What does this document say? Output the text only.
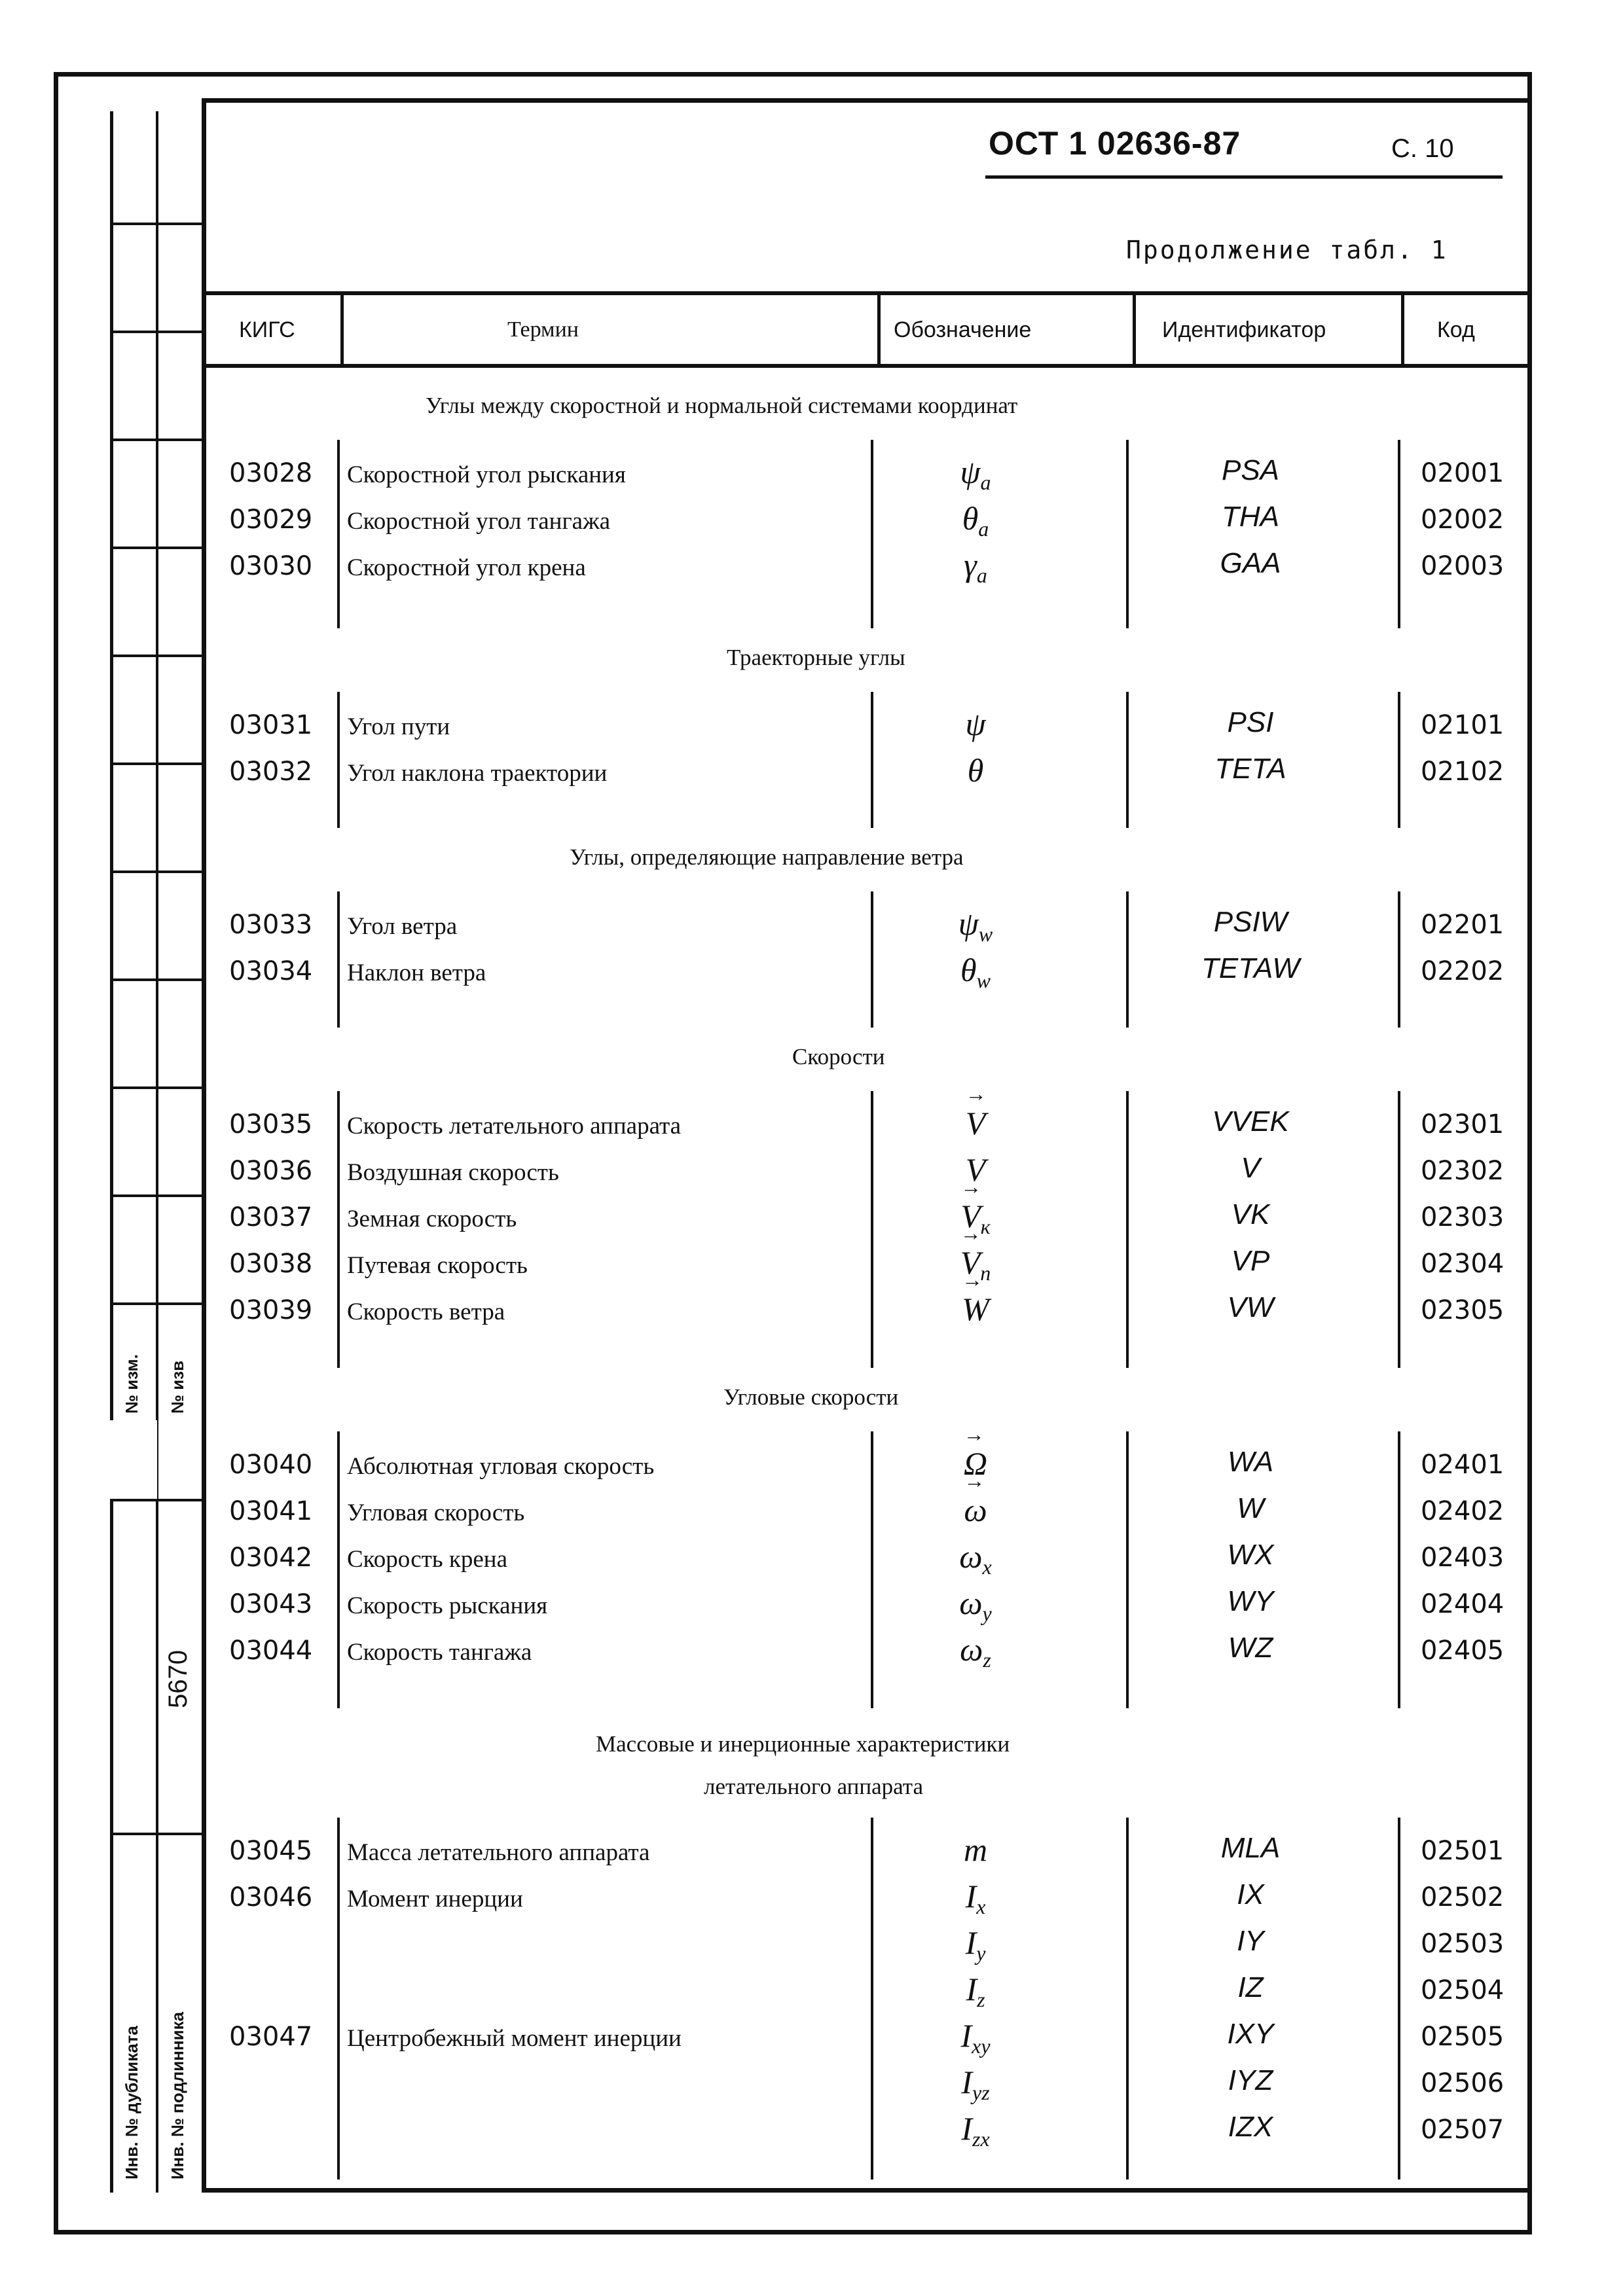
№ изм. № изв
5670
Инв. № дубликата Инв. № подлинника
ОСТ 1 02636-87	С. 10
Продолжение табл. 1
КИГС	Термин	Обозначение	Идентификатор	Код
Углы между скоростной и нормальной системами координат
03028 Скоростной угол рыскания	$\psi_a$	PSA	02001
03029 Скоростной угол тангажа	$\theta_a$	THA	02002
03030 Скоростной угол крена	$\gamma_a$	GAA	02003
Траекторные углы
03031 Угол пути	ψ	PSI	02101
03032 Угол наклона траектории	θ	TETA	02102
Углы, определяющие направление ветра
03033 Угол ветра	$\psi_w$	PSIW	02201
03034 Наклон ветра	$\theta_w$	TETAW	02202
Скорости
03035 Скорость летательного аппарата	→ V	VVEK	02301
03036 Воздушная скорость	V	V	02302
03037 Земная скорость	→ $V_к$	VK	02303
03038 Путевая скорость	→ $V_п$	VP	02304
03039 Скорость ветра	→ W	VW	02305
Угловые скорости
03040 Абсолютная угловая скорость	→ Ω	WA	02401
03041 Угловая скорость	→ ω	W	02402
03042 Скорость крена	$\omega_x$	WX	02403
03043 Скорость рыскания	$\omega_y$	WY	02404
03044 Скорость тангажа	$\omega_z$	WZ	02405
Массовые и инерционные характеристики
летательного аппарата
03045 Масса летательного аппарата	m	MLA	02501
03046 Момент инерции	$I_x$	IX	02502
$I_y$	IY	02503
$I_z$	IZ	02504
03047 Центробежный момент инерции	$I_{xy}$	IXY	02505
$I_{yz}$	IYZ	02506
$I_{zx}$	IZX	02507
